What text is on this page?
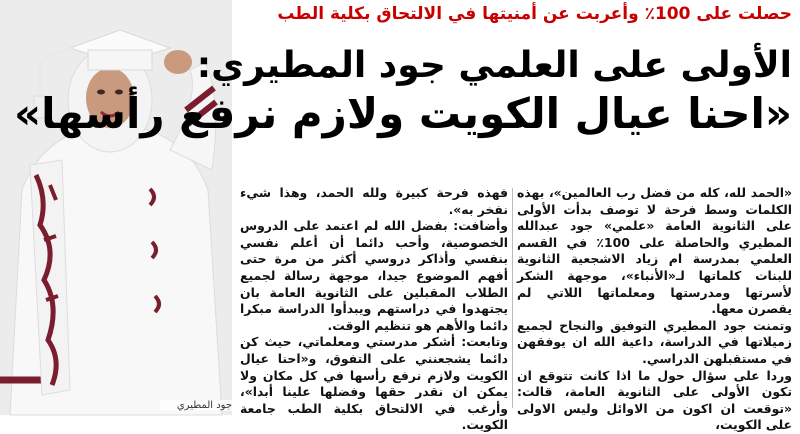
جود المطيري
حصلت على 100٪ وأعربت عن أمنيتها في الالتحاق بكلية الطب
الأولى على العلمي جود المطيري:
«احنا عيال الكويت ولازم نرفع رأسها»

«الحمد لله، كله من فضل رب العالمين»، بهذه الكلمات وسط فرحة لا توصف بدأت الأولى على الثانوية العامة «علمي» جود عبدالله المطيري والحاصلة على 100٪ في القسم العلمي بمدرسة ام زياد الاشجعية الثانوية للبنات كلماتها لـ«الأنباء»، موجهة الشكر لأسرتها ومدرستها ومعلماتها اللاتي لم يقصرن معها.

وتمنت جود المطيري التوفيق والنجاح لجميع زميلاتها في الدراسة، داعية الله ان يوفقهن في مستقبلهن الدراسي.

وردا على سؤال حول ما اذا كانت تتوقع ان تكون الأولى على الثانوية العامة، قالت: «توقعت ان اكون من الاوائل وليس الاولى على الكويت،

فهذه فرحة كبيرة ولله الحمد، وهذا شيء نفخر به».

وأضافت: بفضل الله لم اعتمد على الدروس الخصوصية، وأحب دائما أن أعلم نفسي بنفسي وأذاكر دروسي أكثر من مرة حتى أفهم الموضوع جيدا، موجهة رسالة لجميع الطلاب المقبلين على الثانوية العامة بان يجتهدوا في دراستهم ويبدأوا الدراسة مبكرا دائما والأهم هو تنظيم الوقت.

وتابعت: أشكر مدرستي ومعلماتي، حيث كن دائما يشجعنني على التفوق، و«احنا عيال الكويت ولازم نرفع رأسها في كل مكان ولا يمكن ان نقدر حقها وفضلها علينا أبدا»، وأرغب في الالتحاق بكلية الطب جامعة الكويت.
